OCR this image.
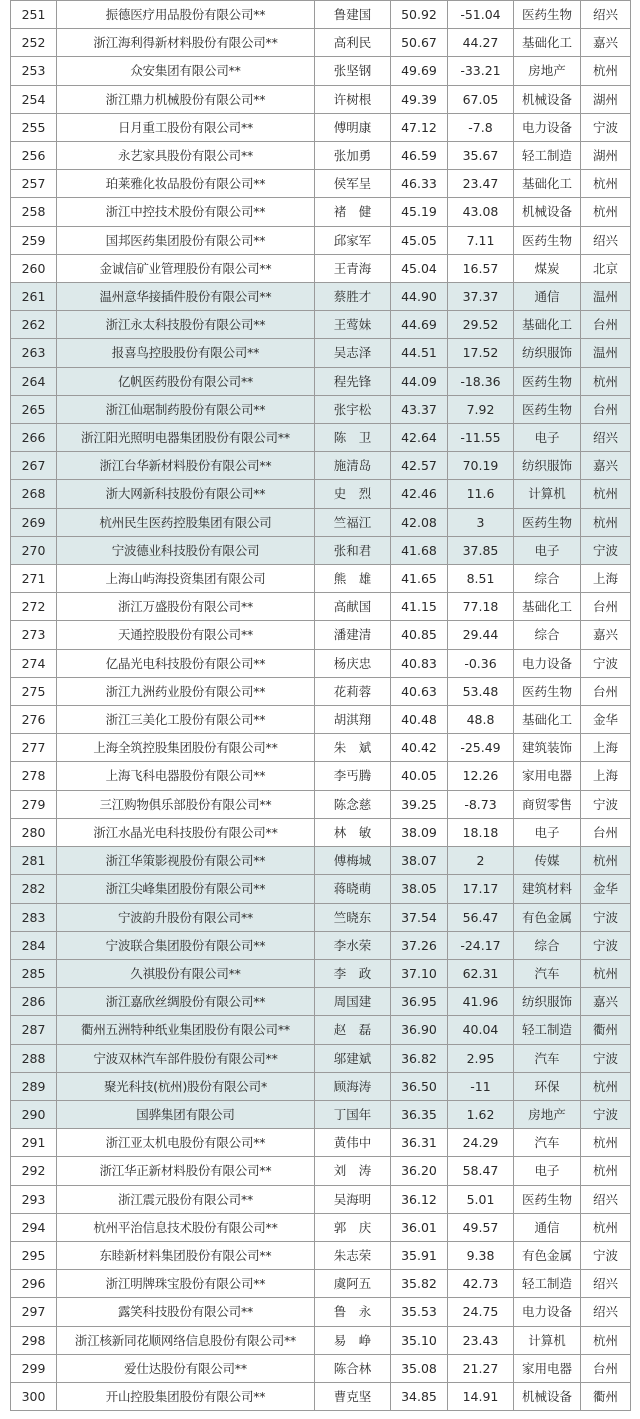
251	振德医疗用品股份有限公司**	鲁建国	50.92	-51.04	医药生物	绍兴
252	浙江海利得新材料股份有限公司**	高利民	50.67	44.27	基础化工	嘉兴
253	众安集团有限公司**	张坚钢	49.69	-33.21	房地产	杭州
254	浙江鼎力机械股份有限公司**	许树根	49.39	67.05	机械设备	湖州
255	日月重工股份有限公司**	傅明康	47.12	-7.8	电力设备	宁波
256	永艺家具股份有限公司**	张加勇	46.59	35.67	轻工制造	湖州
257	珀莱雅化妆品股份有限公司**	侯军呈	46.33	23.47	基础化工	杭州
258	浙江中控技术股份有限公司**	褚　健	45.19	43.08	机械设备	杭州
259	国邦医药集团股份有限公司**	邱家军	45.05	7.11	医药生物	绍兴
260	金诚信矿业管理股份有限公司**	王青海	45.04	16.57	煤炭	北京
261	温州意华接插件股份有限公司**	蔡胜才	44.90	37.37	通信	温州
262	浙江永太科技股份有限公司**	王莺妹	44.69	29.52	基础化工	台州
263	报喜鸟控股股份有限公司**	吴志泽	44.51	17.52	纺织服饰	温州
264	亿帆医药股份有限公司**	程先锋	44.09	-18.36	医药生物	杭州
265	浙江仙琚制药股份有限公司**	张宇松	43.37	7.92	医药生物	台州
266	浙江阳光照明电器集团股份有限公司**	陈　卫	42.64	-11.55	电子	绍兴
267	浙江台华新材料股份有限公司**	施清岛	42.57	70.19	纺织服饰	嘉兴
268	浙大网新科技股份有限公司**	史　烈	42.46	11.6	计算机	杭州
269	杭州民生医药控股集团有限公司	竺福江	42.08	3	医药生物	杭州
270	宁波德业科技股份有限公司	张和君	41.68	37.85	电子	宁波
271	上海山屿海投资集团有限公司	熊　雄	41.65	8.51	综合	上海
272	浙江万盛股份有限公司**	高献国	41.15	77.18	基础化工	台州
273	天通控股股份有限公司**	潘建清	40.85	29.44	综合	嘉兴
274	亿晶光电科技股份有限公司**	杨庆忠	40.83	-0.36	电力设备	宁波
275	浙江九洲药业股份有限公司**	花莉蓉	40.63	53.48	医药生物	台州
276	浙江三美化工股份有限公司**	胡淇翔	40.48	48.8	基础化工	金华
277	上海全筑控股集团股份有限公司**	朱　斌	40.42	-25.49	建筑装饰	上海
278	上海飞科电器股份有限公司**	李丐腾	40.05	12.26	家用电器	上海
279	三江购物俱乐部股份有限公司**	陈念慈	39.25	-8.73	商贸零售	宁波
280	浙江水晶光电科技股份有限公司**	林　敏	38.09	18.18	电子	台州
281	浙江华策影视股份有限公司**	傅梅城	38.07	2	传媒	杭州
282	浙江尖峰集团股份有限公司**	蒋晓萌	38.05	17.17	建筑材料	金华
283	宁波韵升股份有限公司**	竺晓东	37.54	56.47	有色金属	宁波
284	宁波联合集团股份有限公司**	李水荣	37.26	-24.17	综合	宁波
285	久祺股份有限公司**	李　政	37.10	62.31	汽车	杭州
286	浙江嘉欣丝绸股份有限公司**	周国建	36.95	41.96	纺织服饰	嘉兴
287	衢州五洲特种纸业集团股份有限公司**	赵　磊	36.90	40.04	轻工制造	衢州
288	宁波双林汽车部件股份有限公司**	邬建斌	36.82	2.95	汽车	宁波
289	聚光科技(杭州)股份有限公司*	顾海涛	36.50	-11	环保	杭州
290	国骅集团有限公司	丁国年	36.35	1.62	房地产	宁波
291	浙江亚太机电股份有限公司**	黄伟中	36.31	24.29	汽车	杭州
292	浙江华正新材料股份有限公司**	刘　涛	36.20	58.47	电子	杭州
293	浙江震元股份有限公司**	吴海明	36.12	5.01	医药生物	绍兴
294	杭州平治信息技术股份有限公司**	郭　庆	36.01	49.57	通信	杭州
295	东睦新材料集团股份有限公司**	朱志荣	35.91	9.38	有色金属	宁波
296	浙江明牌珠宝股份有限公司**	虞阿五	35.82	42.73	轻工制造	绍兴
297	露笑科技股份有限公司**	鲁　永	35.53	24.75	电力设备	绍兴
298	浙江核新同花顺网络信息股份有限公司**	易　峥	35.10	23.43	计算机	杭州
299	爱仕达股份有限公司**	陈合林	35.08	21.27	家用电器	台州
300	开山控股集团股份有限公司**	曹克坚	34.85	14.91	机械设备	衢州
